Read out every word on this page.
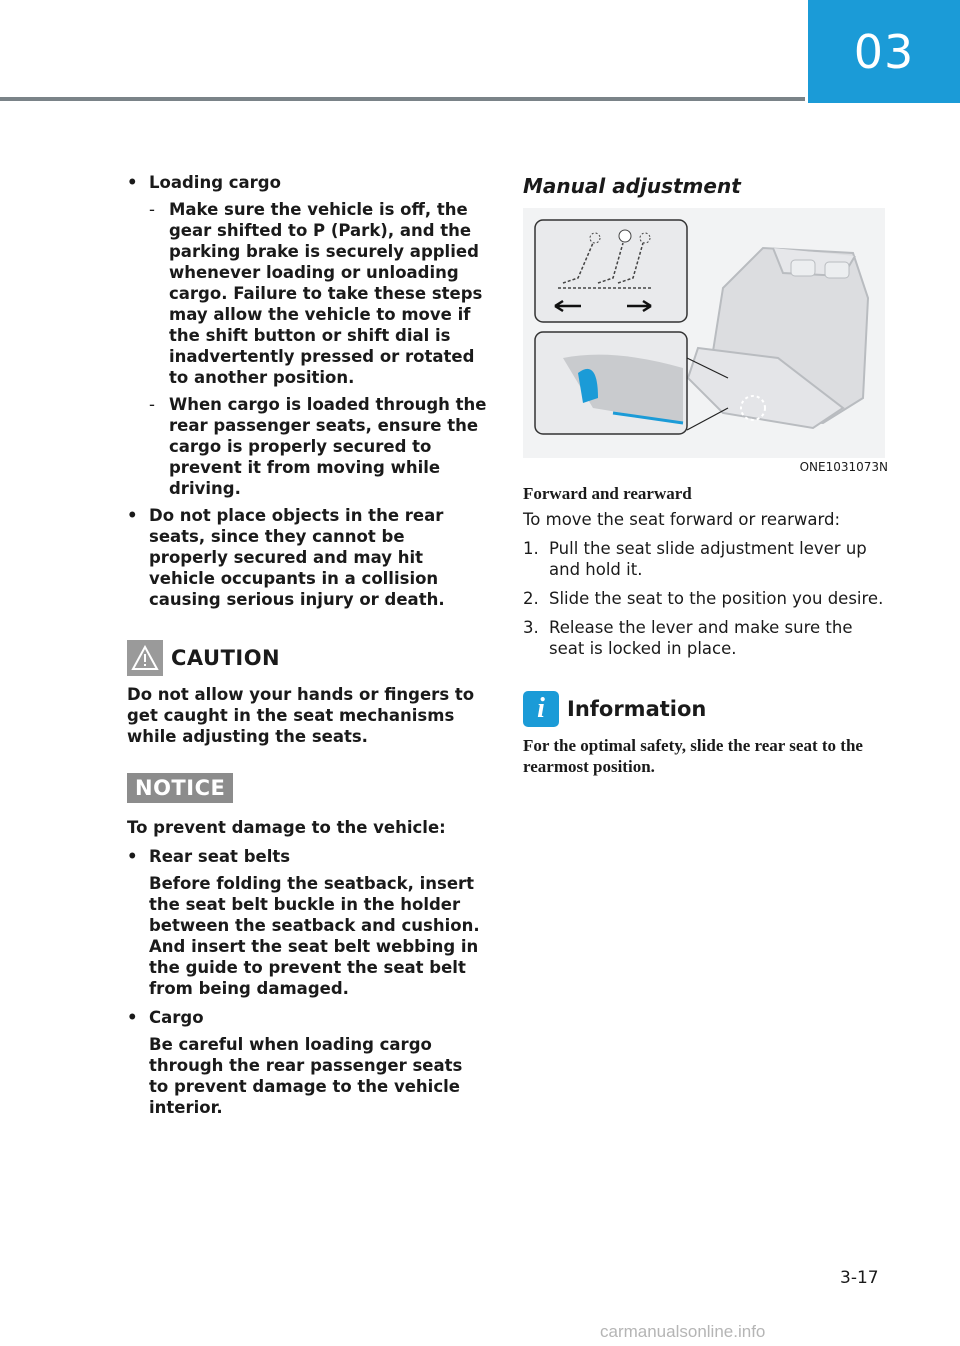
03
• Loading cargo
- Make sure the vehicle is off, the gear shifted to P (Park), and the parking brake is securely applied whenever loading or unloading cargo. Failure to take these steps may allow the vehicle to move if the shift button or shift dial is inadvertently pressed or rotated to another position.
- When cargo is loaded through the rear passenger seats, ensure the cargo is properly secured to prevent it from moving while driving.
• Do not place objects in the rear seats, since they cannot be properly secured and may hit vehicle occupants in a collision causing serious injury or death.
CAUTION
Do not allow your hands or fingers to get caught in the seat mechanisms while adjusting the seats.
NOTICE
To prevent damage to the vehicle:
• Rear seat belts
Before folding the seatback, insert the seat belt buckle in the holder between the seatback and cushion. And insert the seat belt webbing in the guide to prevent the seat belt from being damaged.
• Cargo
Be careful when loading cargo through the rear passenger seats to prevent damage to the vehicle interior.
Manual adjustment
ONE1031073N
Forward and rearward
To move the seat forward or rearward:
1. Pull the seat slide adjustment lever up and hold it.
2. Slide the seat to the position you desire.
3. Release the lever and make sure the seat is locked in place.
i	Information
For the optimal safety, slide the rear seat to the rearmost position.
3-17
carmanualsonline.info
